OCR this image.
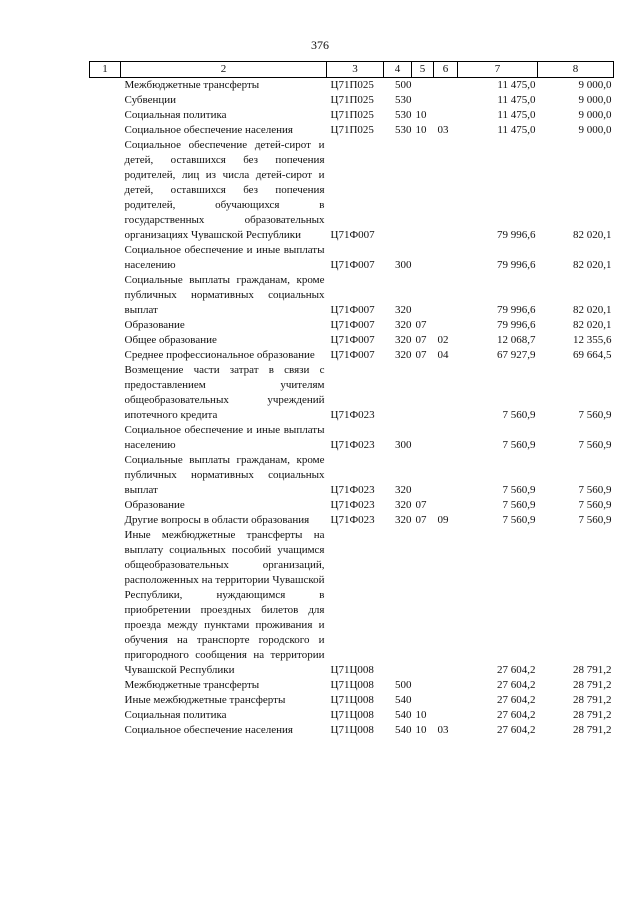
376
1	2	3	4	5	6	7	8
	Межбюджетные трансферты	Ц71П025	500			11 475,0	9 000,0
	Субвенции	Ц71П025	530			11 475,0	9 000,0
	Социальная политика	Ц71П025	530	10		11 475,0	9 000,0
	Социальное обеспечение населения	Ц71П025	530	10	03	11 475,0	9 000,0
	Социальное обеспечение детей-сирот и детей, оставшихся без попечения родителей, лиц из числа детей-сирот и детей, оставшихся без попечения родителей, обучающихся в государственных образовательных организациях Чувашской Республики	Ц71Ф007				79 996,6	82 020,1
	Социальное обеспечение и иные выплаты населению	Ц71Ф007	300			79 996,6	82 020,1
	Социальные выплаты гражданам, кроме публичных нормативных социальных выплат	Ц71Ф007	320			79 996,6	82 020,1
	Образование	Ц71Ф007	320	07		79 996,6	82 020,1
	Общее образование	Ц71Ф007	320	07	02	12 068,7	12 355,6
	Среднее профессиональное образование	Ц71Ф007	320	07	04	67 927,9	69 664,5
	Возмещение части затрат в связи с предоставлением учителям общеобразовательных учреждений ипотечного кредита	Ц71Ф023				7 560,9	7 560,9
	Социальное обеспечение и иные выплаты населению	Ц71Ф023	300			7 560,9	7 560,9
	Социальные выплаты гражданам, кроме публичных нормативных социальных выплат	Ц71Ф023	320			7 560,9	7 560,9
	Образование	Ц71Ф023	320	07		7 560,9	7 560,9
	Другие вопросы в области образования	Ц71Ф023	320	07	09	7 560,9	7 560,9
	Иные межбюджетные трансферты на выплату социальных пособий учащимся общеобразовательных организаций, расположенных на территории Чувашской Республики, нуждающимся в приобретении проездных билетов для проезда между пунктами проживания и обучения на транспорте городского и пригородного сообщения на территории Чувашской Республики	Ц71Ц008				27 604,2	28 791,2
	Межбюджетные трансферты	Ц71Ц008	500			27 604,2	28 791,2
	Иные межбюджетные трансферты	Ц71Ц008	540			27 604,2	28 791,2
	Социальная политика	Ц71Ц008	540	10		27 604,2	28 791,2
	Социальное обеспечение населения	Ц71Ц008	540	10	03	27 604,2	28 791,2
